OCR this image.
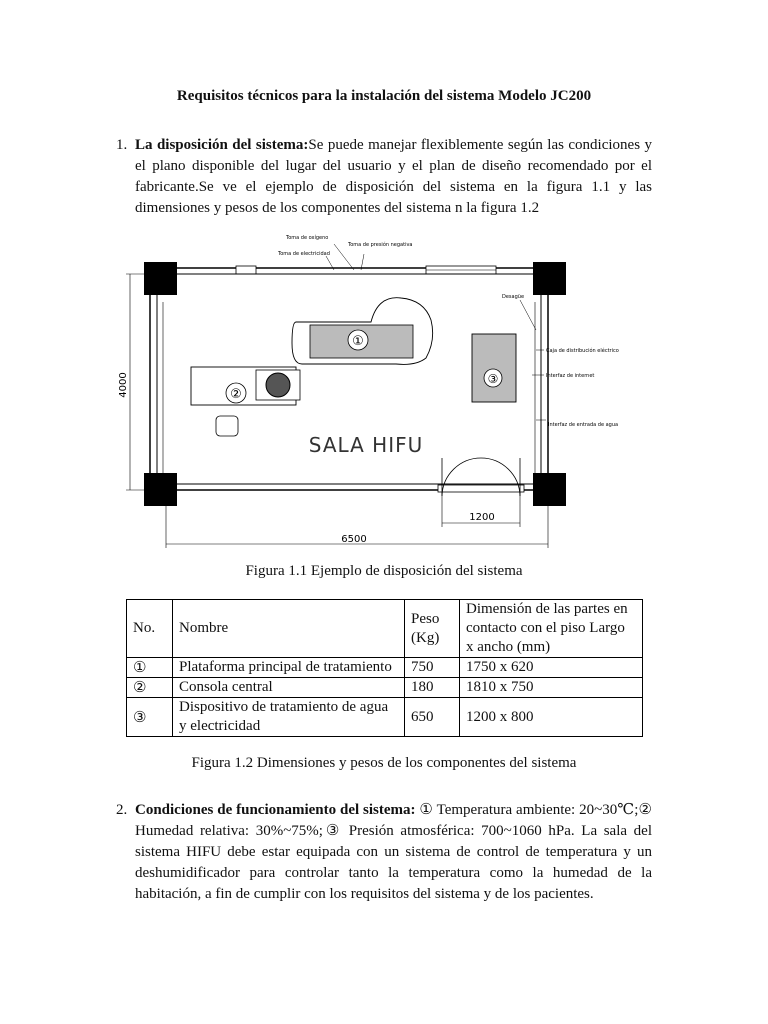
Requisitos técnicos para la instalación del sistema Modelo JC200
1. La disposición del sistema:Se puede manejar flexiblemente según las condiciones y el plano disponible del lugar del usuario y el plan de diseño recomendado por el fabricante.Se ve el ejemplo de disposición del sistema en la figura 1.1 y las dimensiones y pesos de los componentes del sistema n la figura 1.2
4000
6500
1200
①
②
③
SALA HIFU
Toma de oxígeno
Toma de presión negativa
Toma de electricidad
Desagüe
Caja de distribución eléctrico
Interfaz de internet
Interfaz de entrada de agua
Figura 1.1 Ejemplo de disposición del sistema
No.	Nombre	Peso (Kg)	Dimensión de las partes en contacto con el piso Largo x ancho (mm)
①	Plataforma principal de tratamiento	750	1750 x 620
②	Consola central	180	1810 x 750
③	Dispositivo de tratamiento de agua y electricidad	650	1200 x 800
Figura 1.2 Dimensiones y pesos de los componentes del sistema
2. Condiciones de funcionamiento del sistema: ① Temperatura ambiente: 20~30℃;② Humedad relativa: 30%~75%;③ Presión atmosférica: 700~1060 hPa. La sala del sistema HIFU debe estar equipada con un sistema de control de temperatura y un deshumidificador para controlar tanto la temperatura como la humedad de la habitación, a fin de cumplir con los requisitos del sistema y de los pacientes.
